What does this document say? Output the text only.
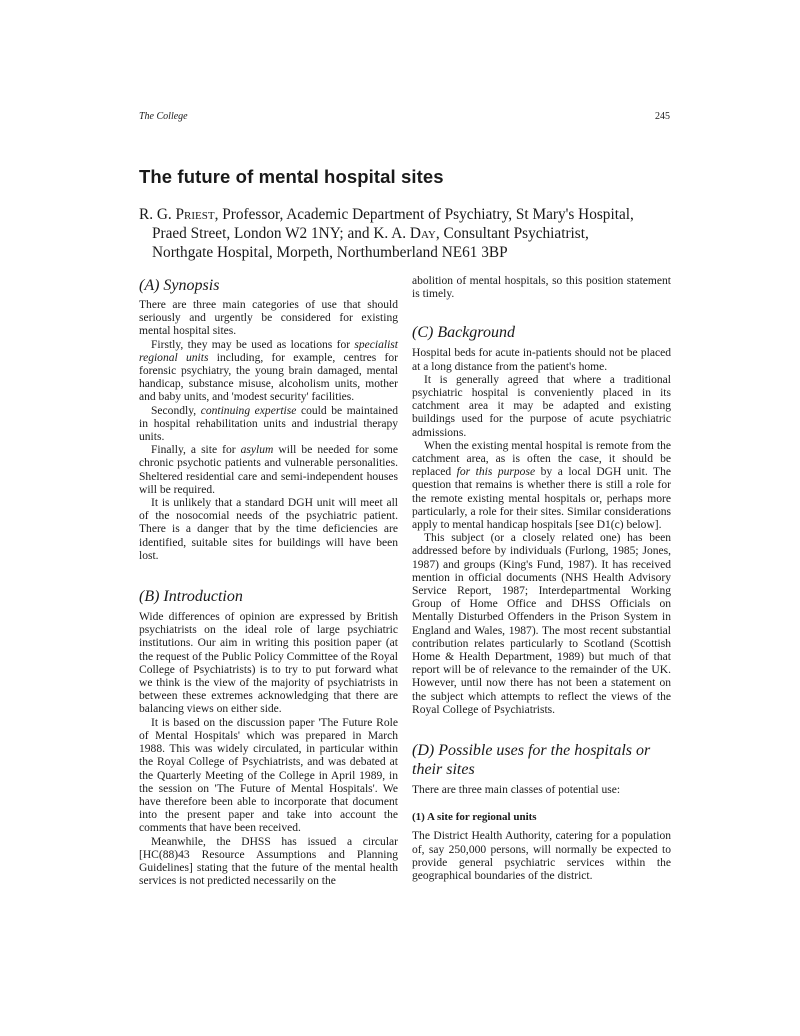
The College	245
The future of mental hospital sites
R. G. Priest, Professor, Academic Department of Psychiatry, St Mary's Hospital,
Praed Street, London W2 1NY; and K. A. Day, Consultant Psychiatrist,
Northgate Hospital, Morpeth, Northumberland NE61 3BP
(A) Synopsis

There are three main categories of use that should seriously and urgently be considered for existing mental hospital sites.

Firstly, they may be used as locations for specialist regional units including, for example, centres for forensic psychiatry, the young brain damaged, mental handicap, substance misuse, alcoholism units, mother and baby units, and 'modest security' facilities.

Secondly, continuing expertise could be maintained in hospital rehabilitation units and industrial therapy units.

Finally, a site for asylum will be needed for some chronic psychotic patients and vulnerable personalities. Sheltered residential care and semi-independent houses will be required.

It is unlikely that a standard DGH unit will meet all of the nosocomial needs of the psychiatric patient. There is a danger that by the time deficiencies are identified, suitable sites for buildings will have been lost.

(B) Introduction

Wide differences of opinion are expressed by British psychiatrists on the ideal role of large psychiatric institutions. Our aim in writing this position paper (at the request of the Public Policy Committee of the Royal College of Psychiatrists) is to try to put forward what we think is the view of the majority of psychiatrists in between these extremes acknowledging that there are balancing views on either side.

It is based on the discussion paper 'The Future Role of Mental Hospitals' which was prepared in March 1988. This was widely circulated, in particular within the Royal College of Psychiatrists, and was debated at the Quarterly Meeting of the College in April 1989, in the session on 'The Future of Mental Hospitals'. We have therefore been able to incorporate that document into the present paper and take into account the comments that have been received.

Meanwhile, the DHSS has issued a circular [HC(88)43 Resource Assumptions and Planning Guidelines] stating that the future of the mental health services is not predicted necessarily on the

abolition of mental hospitals, so this position statement is timely.

(C) Background

Hospital beds for acute in-patients should not be placed at a long distance from the patient's home.

It is generally agreed that where a traditional psychiatric hospital is conveniently placed in its catchment area it may be adapted and existing buildings used for the purpose of acute psychiatric admissions.

When the existing mental hospital is remote from the catchment area, as is often the case, it should be replaced for this purpose by a local DGH unit. The question that remains is whether there is still a role for the remote existing mental hospitals or, perhaps more particularly, a role for their sites. Similar considerations apply to mental handicap hospitals [see D1(c) below].

This subject (or a closely related one) has been addressed before by individuals (Furlong, 1985; Jones, 1987) and groups (King's Fund, 1987). It has received mention in official documents (NHS Health Advisory Service Report, 1987; Interdepartmental Working Group of Home Office and DHSS Officials on Mentally Disturbed Offenders in the Prison System in England and Wales, 1987). The most recent substantial contribution relates particularly to Scotland (Scottish Home & Health Department, 1989) but much of that report will be of relevance to the remainder of the UK. However, until now there has not been a statement on the subject which attempts to reflect the views of the Royal College of Psychiatrists.

(D) Possible uses for the hospitals or their sites

There are three main classes of potential use:

(1) A site for regional units

The District Health Authority, catering for a population of, say 250,000 persons, will normally be expected to provide general psychiatric services within the geographical boundaries of the district.
